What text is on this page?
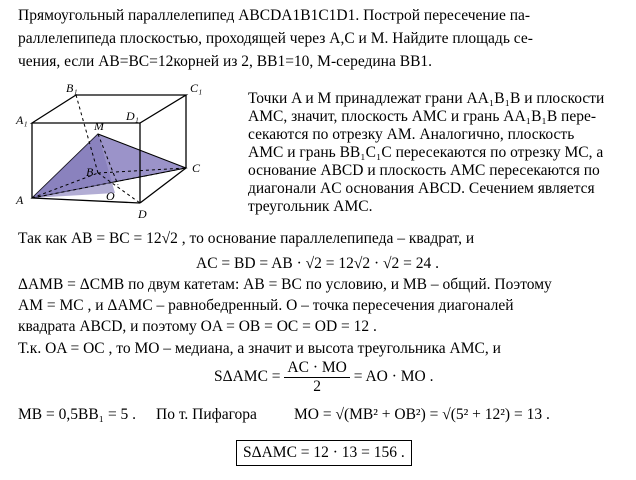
Прямоугольный параллелепипед ABCDA1B1C1D1. Построй пересечение па-
раллелепипеда плоскостью, проходящей через А,С и М. Найдите площадь се-
чения, если АВ=ВС=12корней из 2, ВВ1=10, М-середина ВВ1.
A
B	C
D
A₁
B₁	C₁
D₁
M
O
Точки A и M принадлежат грани AA₁B₁B и плоскости
AMC, значит, плоскость AMC и грань AA₁B₁B пере-
секаются по отрезку AM. Аналогично, плоскость
AMC и грань BB₁C₁C пересекаются по отрезку MC, а
основание ABCD и плоскость AMC пересекаются по
диагонали AC основания ABCD. Сечением является
треугольник AMC.
Так как AB = BC = 12√2 , то основание параллелепипеда – квадрат, и
AC = BD = AB · √2 = 12√2 · √2 = 24 .
ΔAMB = ΔCMB по двум катетам: AB = BC по условию, и MB – общий. Поэтому
AM = MC , и ΔAMC – равнобедренный. O – точка пересечения диагоналей
квадрата ABCD, и поэтому OA = OB = OC = OD = 12 .
Т.к. OA = OC , то МО – медиана, а значит и высота треугольника АМС, и
$S\Delta AMC = \frac{AC \cdot MO}{2}$ = AO · MO .
MB = 0,5BB₁ = 5 . По т. Пифагора MO = √(MB² + OB²) = √(5² + 12²) = 13 .
SΔAMC = 12 · 13 = 156 .
